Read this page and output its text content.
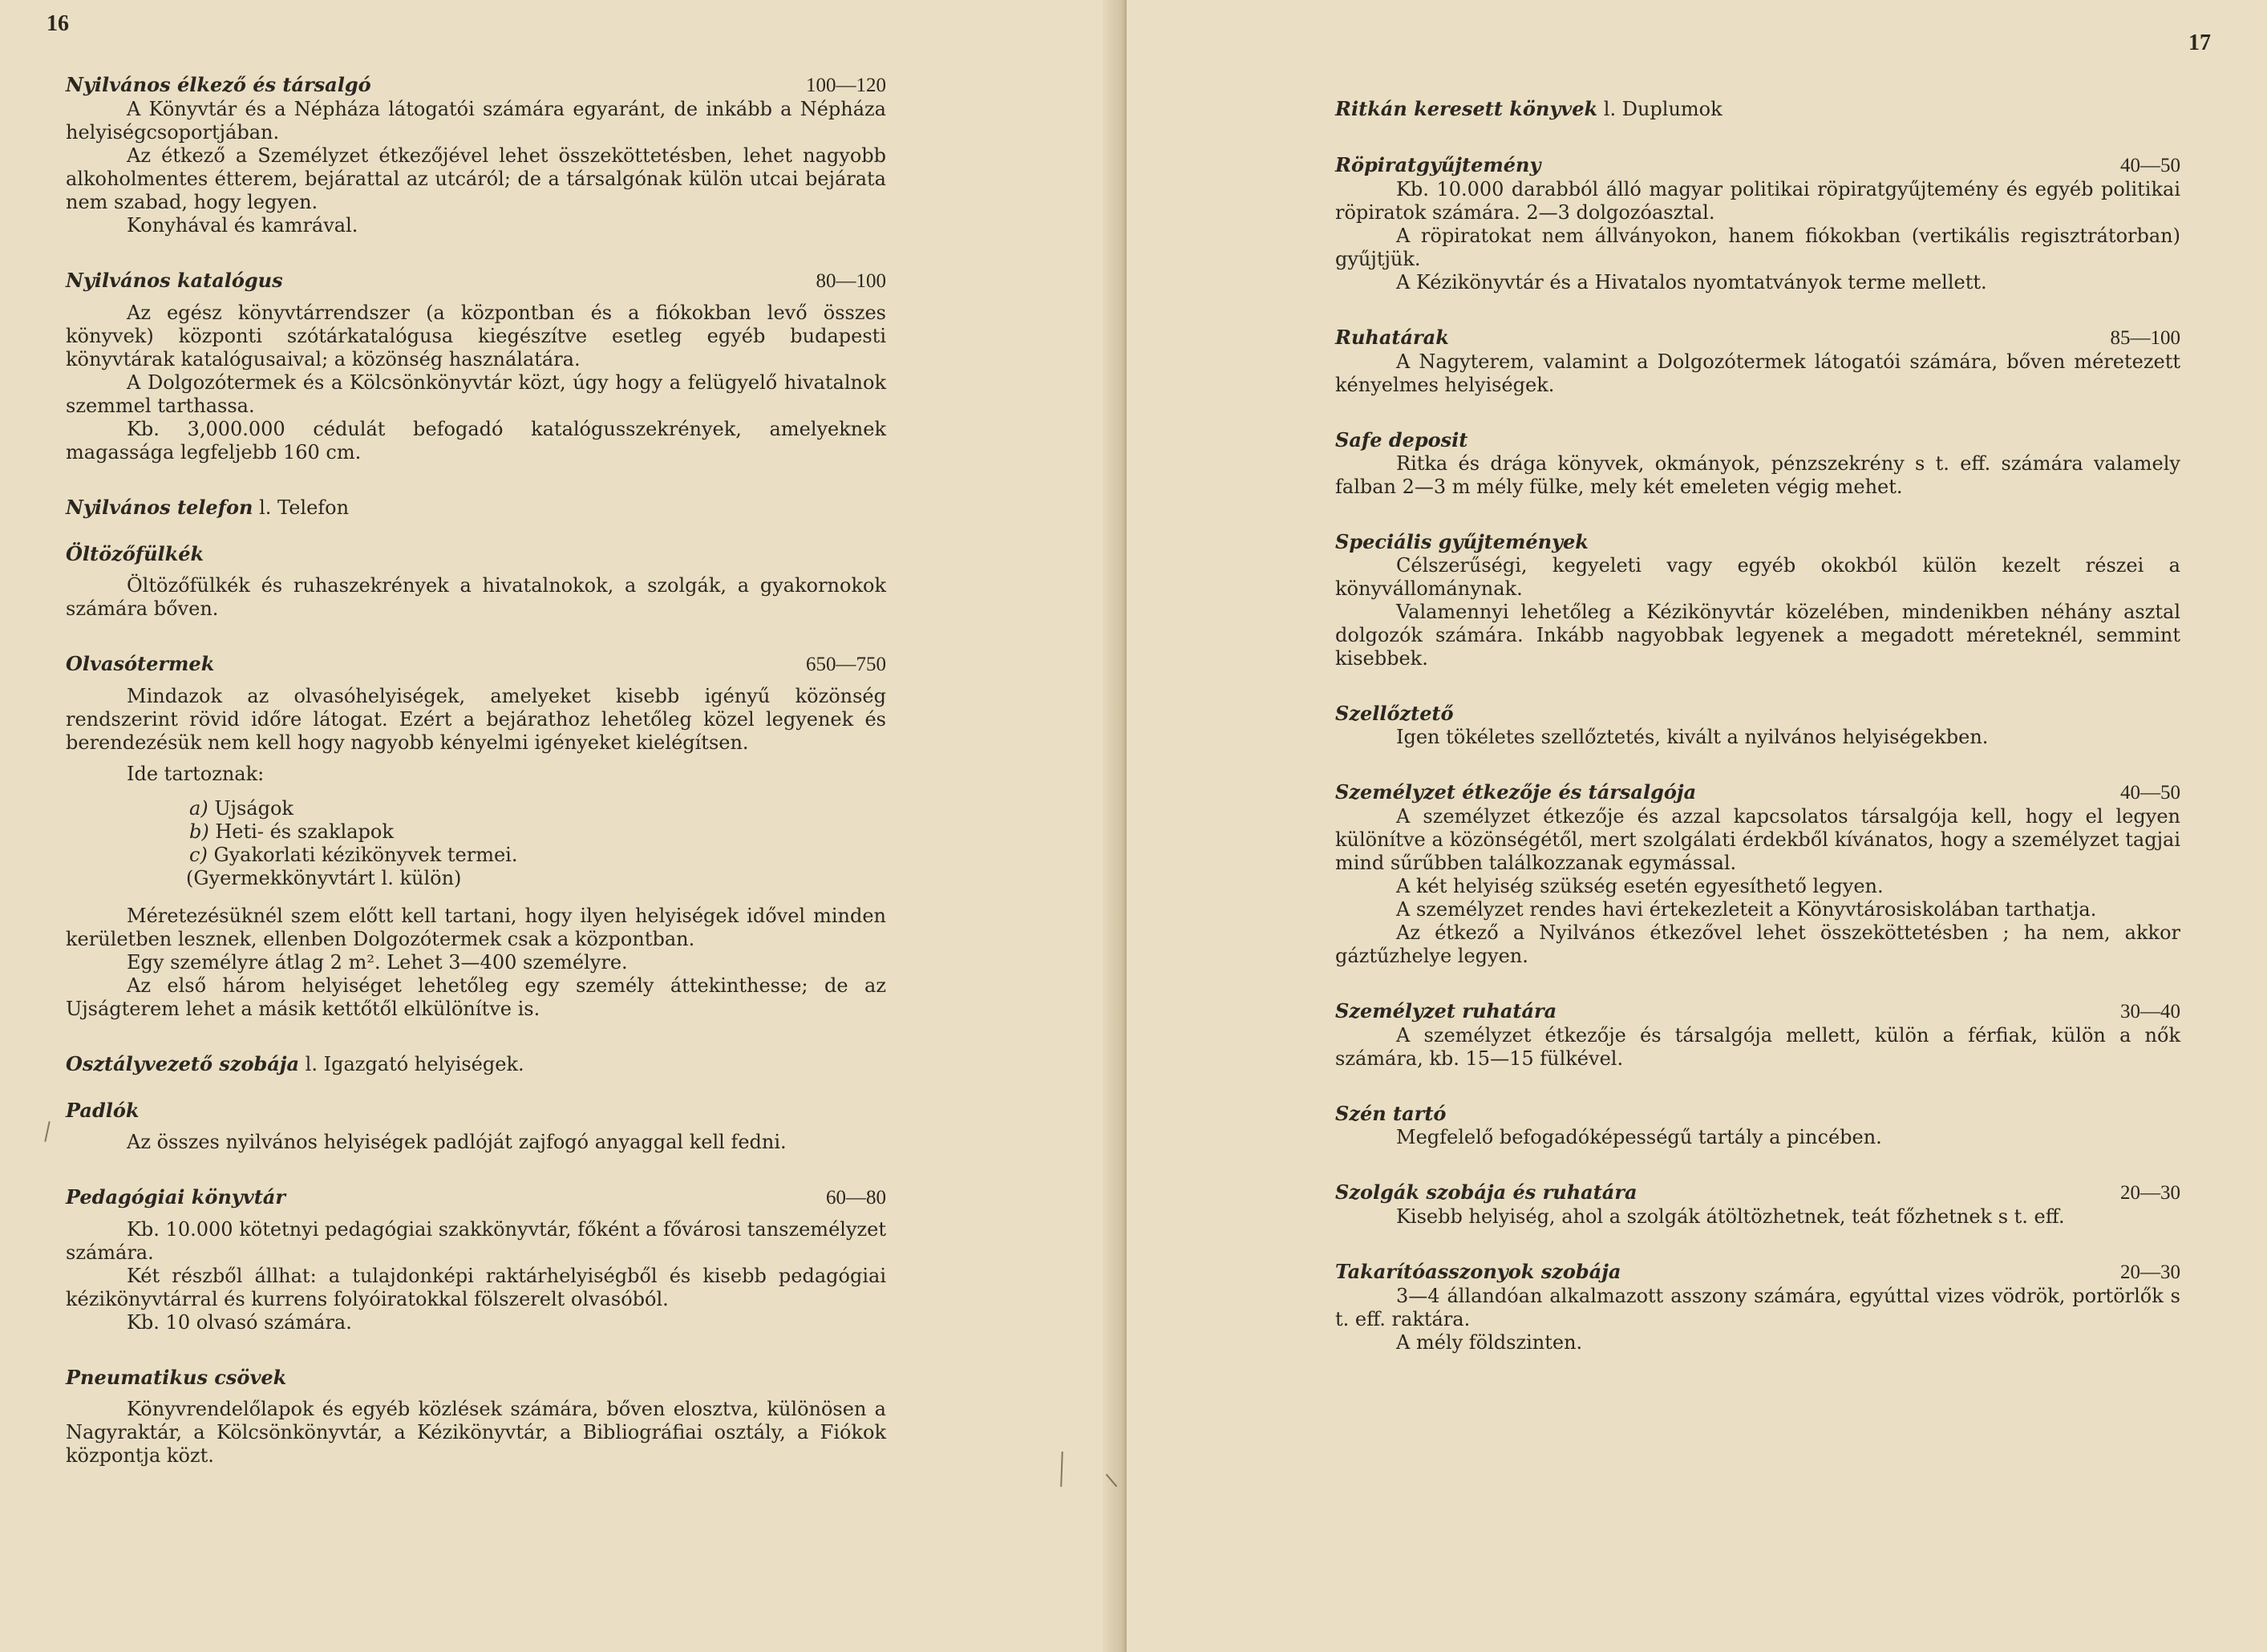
16
Nyilvános élkező és társalgó	100—120

A Könyvtár és a Népháza látogatói számára egyaránt, de inkább a Népháza helyiségcsoportjában.

Az étkező a Személyzet étkezőjével lehet összeköttetésben, lehet nagyobb alkoholmentes étterem, bejárattal az utcáról; de a társalgónak külön utcai bejárata nem szabad, hogy legyen.

Konyhával és kamrával.

Nyilvános katalógus	80—100

Az egész könyvtárrendszer (a központban és a fiókokban levő összes könyvek) központi szótárkatalógusa kiegészítve esetleg egyéb budapesti könyvtárak katalógusaival; a közönség használatára.

A Dolgozótermek és a Kölcsönkönyvtár közt, úgy hogy a felügyelő hivatalnok szemmel tarthassa.

Kb. 3,000.000 cédulát befogadó katalógusszekrények, amelyeknek magassága legfeljebb 160 cm.

Nyilvános telefon l. Telefon
Öltözőfülkék

Öltözőfülkék és ruhaszekrények a hivatalnokok, a szolgák, a gyakornokok számára bőven.

Olvasótermek	650—750

Mindazok az olvasóhelyiségek, amelyeket kisebb igényű közönség rendszerint rövid időre látogat. Ezért a bejárathoz lehetőleg közel legyenek és berendezésük nem kell hogy nagyobb kényelmi igényeket kielégítsen.

Ide tartoznak:
a) Ujságok
b) Heti- és szaklapok
c) Gyakorlati kézikönyvek termei.
(Gyermekkönyvtárt l. külön)

Méretezésüknél szem előtt kell tartani, hogy ilyen helyiségek idővel minden kerületben lesznek, ellenben Dolgozótermek csak a központban.

Egy személyre átlag 2 m². Lehet 3—400 személyre.

Az első három helyiséget lehetőleg egy személy áttekinthesse; de az Ujságterem lehet a másik kettőtől elkülönítve is.

Osztályvezető szobája l. Igazgató helyiségek.
Padlók

Az összes nyilvános helyiségek padlóját zajfogó anyaggal kell fedni.

Pedagógiai könyvtár	60—80

Kb. 10.000 kötetnyi pedagógiai szakkönyvtár, főként a fővárosi tanszemélyzet számára.

Két részből állhat: a tulajdonképi raktárhelyiségből és kisebb pedagógiai kézikönyvtárral és kurrens folyóiratokkal fölszerelt olvasóból.

Kb. 10 olvasó számára.

Pneumatikus csövek

Könyvrendelőlapok és egyéb közlések számára, bőven elosztva, különösen a Nagyraktár, a Kölcsönkönyvtár, a Kézikönyvtár, a Bibliográfiai osztály, a Fiókok központja közt.

17
Ritkán keresett könyvek l. Duplumok
Röpiratgyűjtemény	40—50

Kb. 10.000 darabból álló magyar politikai röpiratgyűjtemény és egyéb politikai röpiratok számára. 2—3 dolgozóasztal.

A röpiratokat nem állványokon, hanem fiókokban (vertikális regisztrátorban) gyűjtjük.

A Kézikönyvtár és a Hivatalos nyomtatványok terme mellett.

Ruhatárak	85—100

A Nagyterem, valamint a Dolgozótermek látogatói számára, bőven méretezett kényelmes helyiségek.

Safe deposit

Ritka és drága könyvek, okmányok, pénzszekrény s t. eff. számára valamely falban 2—3 m mély fülke, mely két emeleten végig mehet.

Speciális gyűjtemények

Célszerűségi, kegyeleti vagy egyéb okokból külön kezelt részei a könyvállománynak.

Valamennyi lehetőleg a Kézikönyvtár közelében, mindenikben néhány asztal dolgozók számára. Inkább nagyobbak legyenek a megadott méreteknél, semmint kisebbek.

Szellőztető

Igen tökéletes szellőztetés, kivált a nyilvános helyiségekben.

Személyzet étkezője és társalgója	40—50

A személyzet étkezője és azzal kapcsolatos társalgója kell, hogy el legyen különítve a közönségétől, mert szolgálati érdekből kívánatos, hogy a személyzet tagjai mind sűrűbben találkozzanak egymással.

A két helyiség szükség esetén egyesíthető legyen.

A személyzet rendes havi értekezleteit a Könyvtárosiskolában tarthatja.

Az étkező a Nyilvános étkezővel lehet összeköttetésben ; ha nem, akkor gáztűzhelye legyen.

Személyzet ruhatára	30—40

A személyzet étkezője és társalgója mellett, külön a férfiak, külön a nők számára, kb. 15—15 fülkével.

Szén tartó

Megfelelő befogadóképességű tartály a pincében.

Szolgák szobája és ruhatára	20—30

Kisebb helyiség, ahol a szolgák átöltözhetnek, teát főzhetnek s t. eff.

Takarítóasszonyok szobája	20—30

3—4 állandóan alkalmazott asszony számára, egyúttal vizes vödrök, portörlők s t. eff. raktára.

A mély földszinten.
